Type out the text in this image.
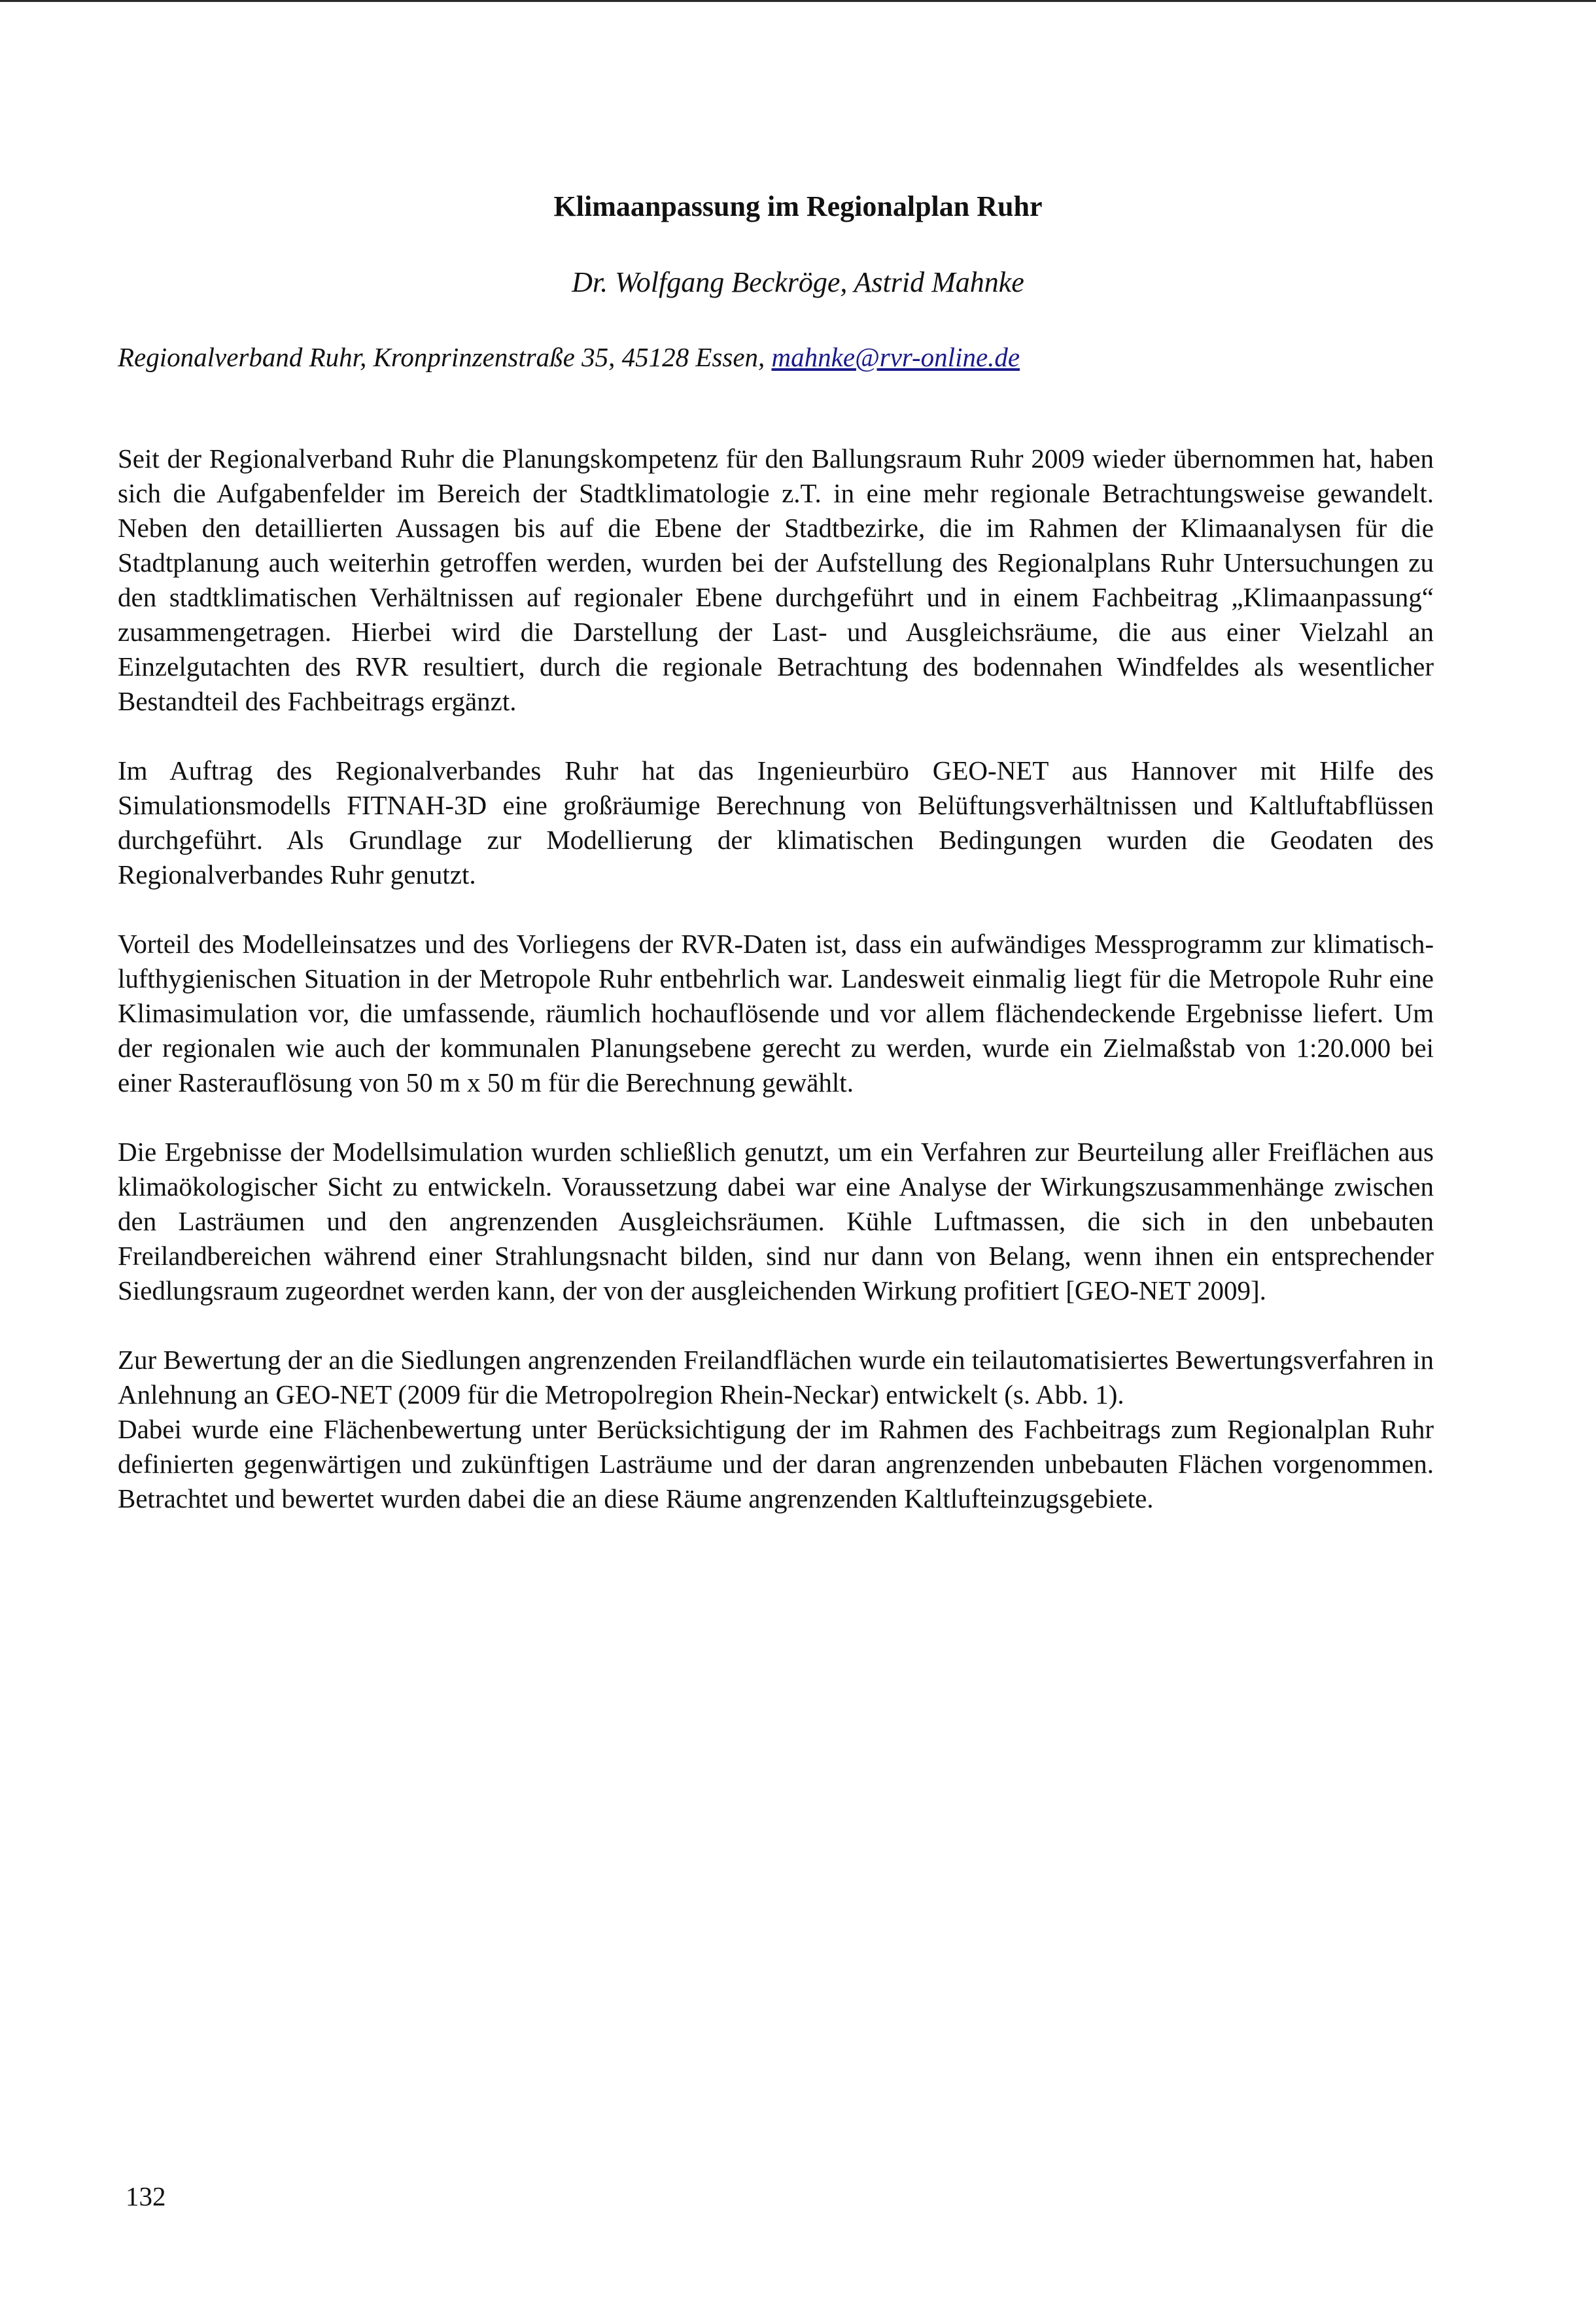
Klimaanpassung im Regionalplan Ruhr

Dr. Wolfgang Beckröge, Astrid Mahnke

Regionalverband Ruhr, Kronprinzenstraße 35, 45128 Essen, mahnke@rvr-online.de

Seit der Regionalverband Ruhr die Planungskompetenz für den Ballungsraum Ruhr 2009 wieder übernommen hat, haben sich die Aufgabenfelder im Bereich der Stadtklimatologie z.T. in eine mehr regionale Betrachtungsweise gewandelt. Neben den detaillierten Aussagen bis auf die Ebene der Stadtbezirke, die im Rahmen der Klimaanalysen für die Stadtplanung auch weiterhin getroffen werden, wurden bei der Aufstellung des Regionalplans Ruhr Untersuchungen zu den stadtklimatischen Verhältnissen auf regionaler Ebene durchgeführt und in einem Fachbeitrag „Klimaanpassung“ zusammengetragen. Hierbei wird die Darstellung der Last- und Ausgleichsräume, die aus einer Vielzahl an Einzelgutachten des RVR resultiert, durch die regionale Betrachtung des bodennahen Windfeldes als wesentlicher Bestandteil des Fachbeitrags ergänzt.

Im Auftrag des Regionalverbandes Ruhr hat das Ingenieurbüro GEO-NET aus Hannover mit Hilfe des Simulationsmodells FITNAH-3D eine großräumige Berechnung von Belüftungsverhältnissen und Kaltluftabflüssen durchgeführt. Als Grundlage zur Modellierung der klimatischen Bedingungen wurden die Geodaten des Regionalverbandes Ruhr genutzt.

Vorteil des Modelleinsatzes und des Vorliegens der RVR-Daten ist, dass ein aufwändiges Messprogramm zur klimatisch-lufthygienischen Situation in der Metropole Ruhr entbehrlich war. Landesweit einmalig liegt für die Metropole Ruhr eine Klimasimulation vor, die umfassende, räumlich hochauflösende und vor allem flächendeckende Ergebnisse liefert. Um der regionalen wie auch der kommunalen Planungsebene gerecht zu werden, wurde ein Zielmaßstab von 1:20.000 bei einer Rasterauflösung von 50 m x 50 m für die Berechnung gewählt.

Die Ergebnisse der Modellsimulation wurden schließlich genutzt, um ein Verfahren zur Beurteilung aller Freiflächen aus klimaökologischer Sicht zu entwickeln. Voraussetzung dabei war eine Analyse der Wirkungszusammenhänge zwischen den Lasträumen und den angrenzenden Ausgleichsräumen. Kühle Luftmassen, die sich in den unbebauten Freilandbereichen während einer Strahlungsnacht bilden, sind nur dann von Belang, wenn ihnen ein entsprechender Siedlungsraum zugeordnet werden kann, der von der ausgleichenden Wirkung profitiert [GEO-NET 2009].

Zur Bewertung der an die Siedlungen angrenzenden Freilandflächen wurde ein teilautomatisiertes Bewertungsverfahren in Anlehnung an GEO-NET (2009 für die Metropolregion Rhein-Neckar) entwickelt (s. Abb. 1).

Dabei wurde eine Flächenbewertung unter Berücksichtigung der im Rahmen des Fachbeitrags zum Regionalplan Ruhr definierten gegenwärtigen und zukünftigen Lasträume und der daran angrenzenden unbebauten Flächen vorgenommen. Betrachtet und bewertet wurden dabei die an diese Räume angrenzenden Kaltlufteinzugsgebiete.

132
